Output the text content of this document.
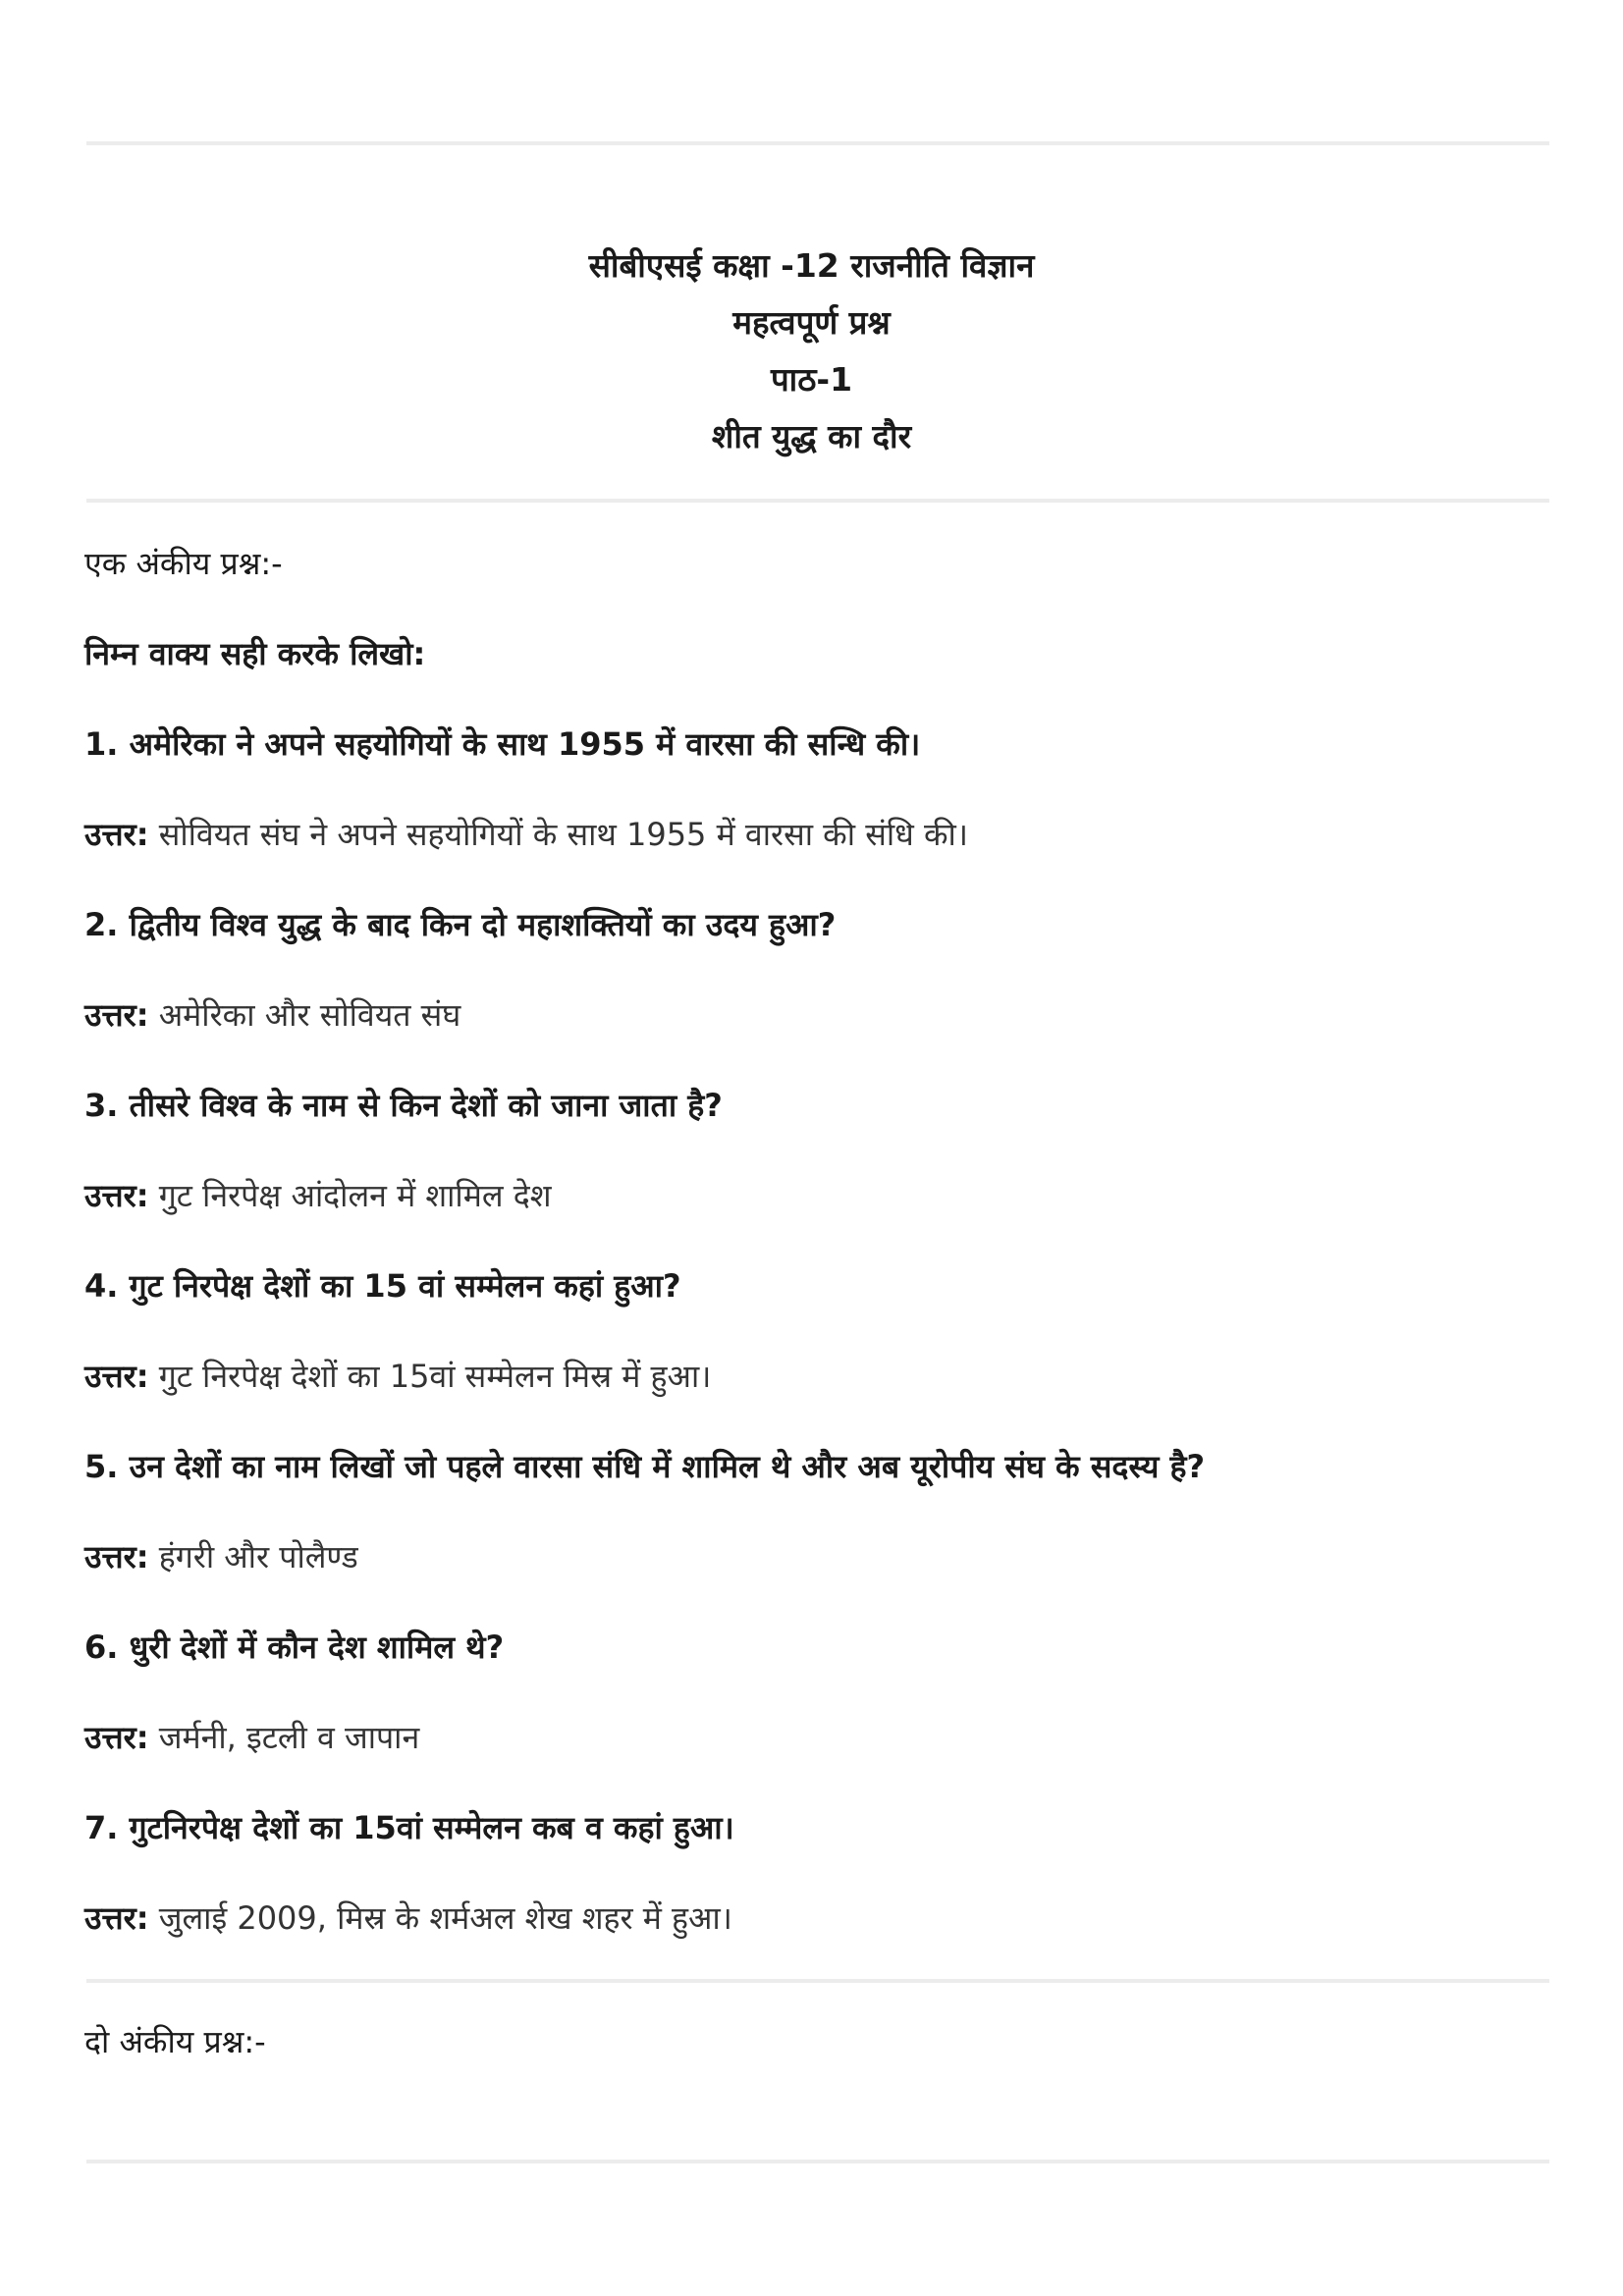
सीबीएसई कक्षा -12 राजनीति विज्ञान
महत्वपूर्ण प्रश्न
पाठ-1
शीत युद्ध का दौर
एक अंकीय प्रश्न:-
निम्न वाक्य सही करके लिखो:
1. अमेरिका ने अपने सहयोगियों के साथ 1955 में वारसा की सन्धि की।
उत्तर: सोवियत संघ ने अपने सहयोगियों के साथ 1955 में वारसा की संधि की।
2. द्वितीय विश्व युद्ध के बाद किन दो महाशक्तियों का उदय हुआ?
उत्तर: अमेरिका और सोवियत संघ
3. तीसरे विश्व के नाम से किन देशों को जाना जाता है?
उत्तर: गुट निरपेक्ष आंदोलन में शामिल देश
4. गुट निरपेक्ष देशों का 15 वां सम्मेलन कहां हुआ?
उत्तर: गुट निरपेक्ष देशों का 15वां सम्मेलन मिस्र में हुआ।
5. उन देशों का नाम लिखों जो पहले वारसा संधि में शामिल थे और अब यूरोपीय संघ के सदस्य है?
उत्तर: हंगरी और पोलैण्ड
6. धुरी देशों में कौन देश शामिल थे?
उत्तर: जर्मनी, इटली व जापान
7. गुटनिरपेक्ष देशों का 15वां सम्मेलन कब व कहां हुआ।
उत्तर: जुलाई 2009, मिस्र के शर्मअल शेख शहर में हुआ।
दो अंकीय प्रश्न:-
